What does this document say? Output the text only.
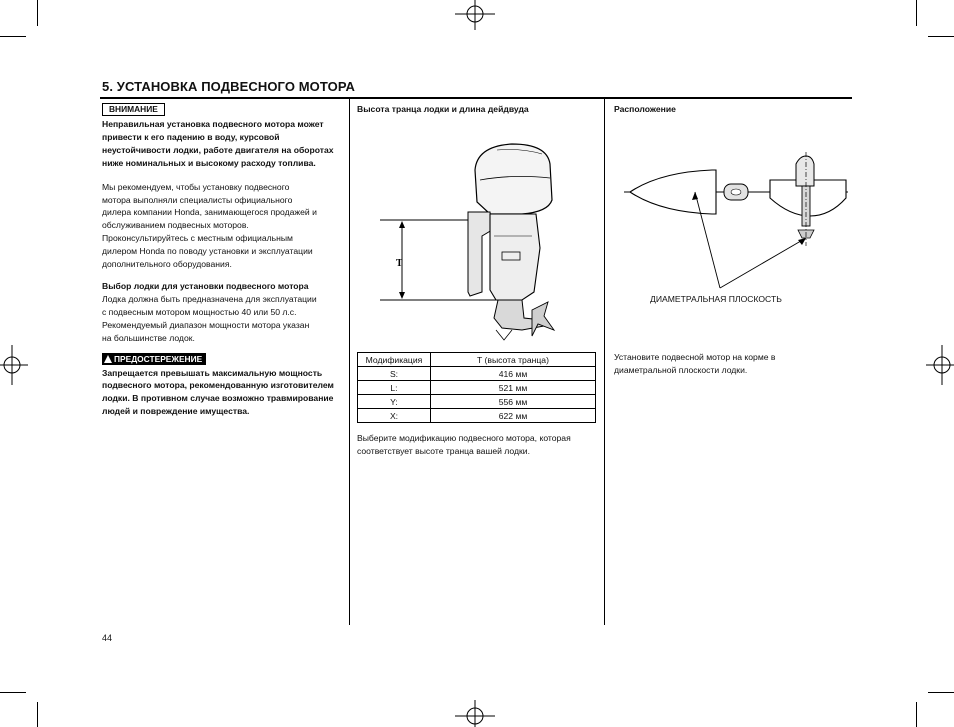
5. УСТАНОВКА ПОДВЕСНОГО МОТОРА
ВНИМАНИЕ

Неправильная установка подвесного мотора может

привести к его падению в воду, курсовой

неустойчивости лодки, работе двигателя на оборотах

ниже номинальных и высокому расходу топлива.

Мы рекомендуем, чтобы установку подвесного

мотора выполняли специалисты официального

дилера компании Honda, занимающегося продажей и

обслуживанием подвесных моторов.

Проконсультируйтесь с местным официальным

дилером Honda по поводу установки и эксплуатации

дополнительного оборудования.

Выбор лодки для установки подвесного мотора

Лодка должна быть предназначена для эксплуатации

с подвесным мотором мощностью 40 или 50 л.с.

Рекомендуемый диапазон мощности мотора указан

на большинстве лодок.

ПРЕДОСТЕРЕЖЕНИЕ

Запрещается превышать максимальную мощность

подвесного мотора, рекомендованную изготовителем

лодки. В противном случае возможно травмирование

людей и повреждение имущества.

Высота транца лодки и длина дейдвуда

T
Модификация	T (высота транца)
S:	416 мм
L:	521 мм
Y:	556 мм
X:	622 мм

Выберите модификацию подвесного мотора, которая

соответствует высоте транца вашей лодки.

Расположение

ДИАМЕТРАЛЬНАЯ ПЛОСКОСТЬ

Установите подвесной мотор на корме в

диаметральной плоскости лодки.

44
